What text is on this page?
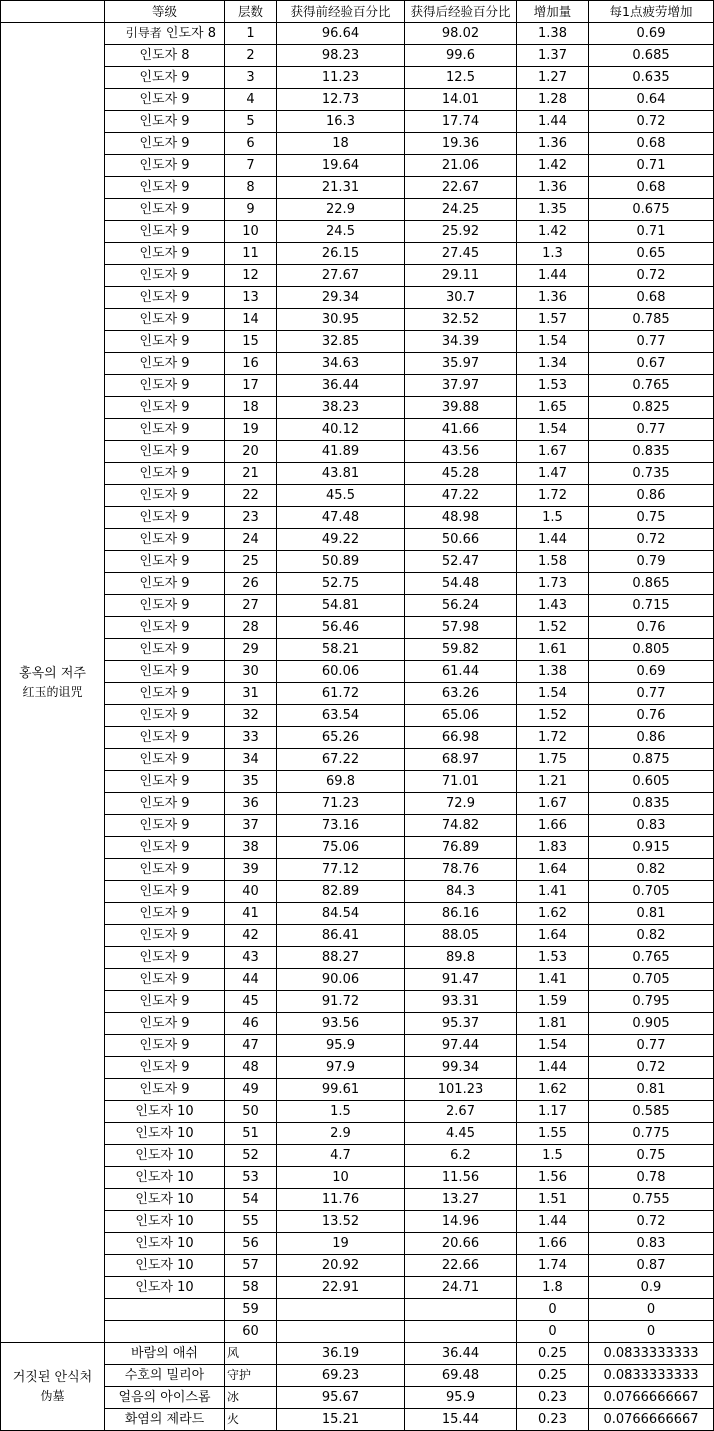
	等级	层数	获得前经验百分比	获得后经验百分比	增加量	每1点疲劳增加
홍옥의 저주

红玉的诅咒	引导者 인도자 8	1	96.64	98.02	1.38	0.69
	인도자 8	2	98.23	99.6	1.37	0.685
	인도자 9	3	11.23	12.5	1.27	0.635
	인도자 9	4	12.73	14.01	1.28	0.64
	인도자 9	5	16.3	17.74	1.44	0.72
	인도자 9	6	18	19.36	1.36	0.68
	인도자 9	7	19.64	21.06	1.42	0.71
	인도자 9	8	21.31	22.67	1.36	0.68
	인도자 9	9	22.9	24.25	1.35	0.675
	인도자 9	10	24.5	25.92	1.42	0.71
	인도자 9	11	26.15	27.45	1.3	0.65
	인도자 9	12	27.67	29.11	1.44	0.72
	인도자 9	13	29.34	30.7	1.36	0.68
	인도자 9	14	30.95	32.52	1.57	0.785
	인도자 9	15	32.85	34.39	1.54	0.77
	인도자 9	16	34.63	35.97	1.34	0.67
	인도자 9	17	36.44	37.97	1.53	0.765
	인도자 9	18	38.23	39.88	1.65	0.825
	인도자 9	19	40.12	41.66	1.54	0.77
	인도자 9	20	41.89	43.56	1.67	0.835
	인도자 9	21	43.81	45.28	1.47	0.735
	인도자 9	22	45.5	47.22	1.72	0.86
	인도자 9	23	47.48	48.98	1.5	0.75
	인도자 9	24	49.22	50.66	1.44	0.72
	인도자 9	25	50.89	52.47	1.58	0.79
	인도자 9	26	52.75	54.48	1.73	0.865
	인도자 9	27	54.81	56.24	1.43	0.715
	인도자 9	28	56.46	57.98	1.52	0.76
	인도자 9	29	58.21	59.82	1.61	0.805
	인도자 9	30	60.06	61.44	1.38	0.69
	인도자 9	31	61.72	63.26	1.54	0.77
	인도자 9	32	63.54	65.06	1.52	0.76
	인도자 9	33	65.26	66.98	1.72	0.86
	인도자 9	34	67.22	68.97	1.75	0.875
	인도자 9	35	69.8	71.01	1.21	0.605
	인도자 9	36	71.23	72.9	1.67	0.835
	인도자 9	37	73.16	74.82	1.66	0.83
	인도자 9	38	75.06	76.89	1.83	0.915
	인도자 9	39	77.12	78.76	1.64	0.82
	인도자 9	40	82.89	84.3	1.41	0.705
	인도자 9	41	84.54	86.16	1.62	0.81
	인도자 9	42	86.41	88.05	1.64	0.82
	인도자 9	43	88.27	89.8	1.53	0.765
	인도자 9	44	90.06	91.47	1.41	0.705
	인도자 9	45	91.72	93.31	1.59	0.795
	인도자 9	46	93.56	95.37	1.81	0.905
	인도자 9	47	95.9	97.44	1.54	0.77
	인도자 9	48	97.9	99.34	1.44	0.72
	인도자 9	49	99.61	101.23	1.62	0.81
	인도자 10	50	1.5	2.67	1.17	0.585
	인도자 10	51	2.9	4.45	1.55	0.775
	인도자 10	52	4.7	6.2	1.5	0.75
	인도자 10	53	10	11.56	1.56	0.78
	인도자 10	54	11.76	13.27	1.51	0.755
	인도자 10	55	13.52	14.96	1.44	0.72
	인도자 10	56	19	20.66	1.66	0.83
	인도자 10	57	20.92	22.66	1.74	0.87
	인도자 10	58	22.91	24.71	1.8	0.9
		59			0	0
		60			0	0
거짓된 안식처

伪墓	바람의 애쉬	风	36.19	36.44	0.25	0.0833333333
	수호의 밀리아	守护	69.23	69.48	0.25	0.0833333333
	얼음의 아이스롬	冰	95.67	95.9	0.23	0.0766666667
	화염의 제라드	火	15.21	15.44	0.23	0.0766666667
